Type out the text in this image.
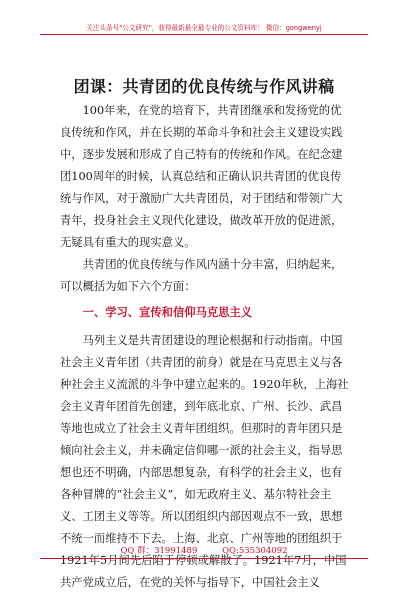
关注头条号"公文研究"，获得最新最全最专业的公文资料库！ 微信：gongwenyj
团课：共青团的优良传统与作风讲稿

100年来，在党的培育下，共青团继承和发扬党的优良传统和作风，并在长期的革命斗争和社会主义建设实践中，逐步发展和形成了自己特有的传统和作风。在纪念建团100周年的时候，认真总结和正确认识共青团的优良传统与作风，对于激励广大共青团员，对于团结和带领广大青年，投身社会主义现代化建设，做改革开放的促进派，无疑具有重大的现实意义。

共青团的优良传统与作风内涵十分丰富，归纳起来，可以概括为如下六个方面：

一、学习、宣传和信仰马克思主义

马列主义是共青团建设的理论根据和行动指南。中国社会主义青年团（共青团的前身）就是在马克思主义与各种社会主义流派的斗争中建立起来的。1920年秋，上海社会主义青年团首先创建，到年底北京、广州、长沙、武昌等地也成立了社会主义青年团组织。但那时的青年团只是倾向社会主义，并未确定信仰哪一派的社会主义，指导思想也还不明确，内部思想复杂，有科学的社会主义，也有各种冒牌的“社会主义”，如无政府主义、基尔特社会主义、工团主义等等。所以团组织内部因观点不一致，思想不统一而维持不下去。上海、北京、广州等地的团组织于1921年5月间先后陷于停顿或解散了。1921年7月，中国共产党成立后，在党的关怀与指导下，中国社会主义

QQ 群：31991489	QQ:535304092
